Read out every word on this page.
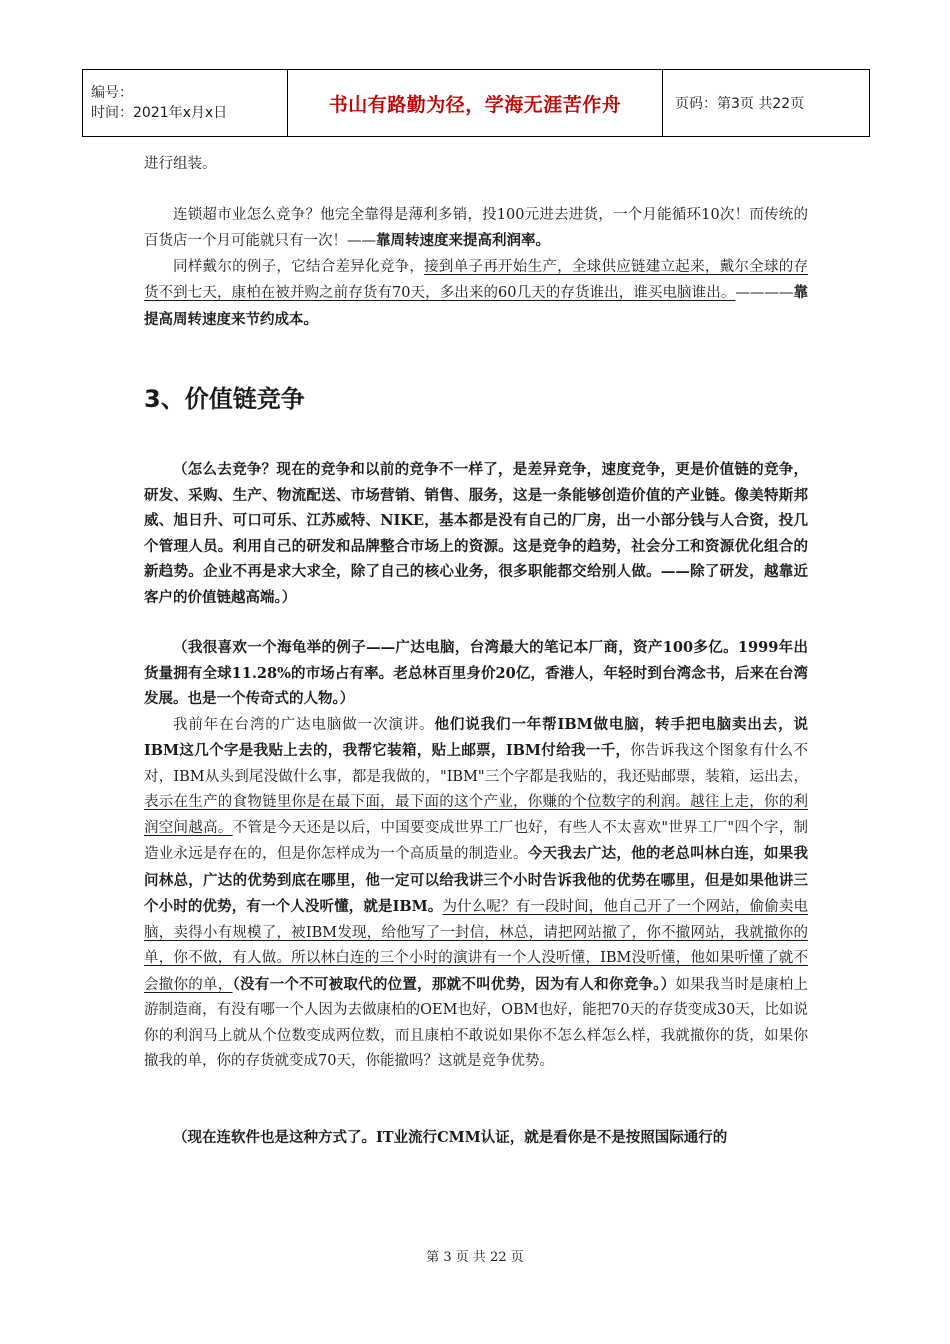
编号：
时间：2021年x月x日	书山有路勤为径，学海无涯苦作舟	页码：第3页 共22页

进行组装。

连锁超市业怎么竞争？他完全靠得是薄利多销，投100元进去进货，一个月能循环10次！而传统的百货店一个月可能就只有一次！——靠周转速度来提高利润率。

同样戴尔的例子，它结合差异化竞争，接到单子再开始生产，全球供应链建立起来，戴尔全球的存货不到七天，康柏在被并购之前存货有70天，多出来的60几天的存货谁出，谁买电脑谁出。————靠提高周转速度来节约成本。

3、价值链竞争

（怎么去竞争？现在的竞争和以前的竞争不一样了，是差异竞争，速度竞争，更是价值链的竞争，研发、采购、生产、物流配送、市场营销、销售、服务，这是一条能够创造价值的产业链。像美特斯邦威、旭日升、可口可乐、江苏威特、NIKE，基本都是没有自己的厂房，出一小部分钱与人合资，投几个管理人员。利用自己的研发和品牌整合市场上的资源。这是竞争的趋势，社会分工和资源优化组合的新趋势。企业不再是求大求全，除了自己的核心业务，很多职能都交给别人做。——除了研发，越靠近客户的价值链越高端。）

（我很喜欢一个海龟举的例子——广达电脑，台湾最大的笔记本厂商，资产100多亿。1999年出货量拥有全球11.28%的市场占有率。老总林百里身价20亿，香港人，年轻时到台湾念书，后来在台湾发展。也是一个传奇式的人物。）

我前年在台湾的广达电脑做一次演讲。他们说我们一年帮IBM做电脑，转手把电脑卖出去，说IBM这几个字是我贴上去的，我帮它装箱，贴上邮票，IBM付给我一千，你告诉我这个图象有什么不对，IBM从头到尾没做什么事，都是我做的，"IBM"三个字都是我贴的，我还贴邮票，装箱，运出去，表示在生产的食物链里你是在最下面，最下面的这个产业，你赚的个位数字的利润。越往上走，你的利润空间越高。不管是今天还是以后，中国要变成世界工厂也好，有些人不太喜欢"世界工厂"四个字，制造业永远是存在的，但是你怎样成为一个高质量的制造业。今天我去广达，他的老总叫林白连，如果我问林总，广达的优势到底在哪里，他一定可以给我讲三个小时告诉我他的优势在哪里，但是如果他讲三个小时的优势，有一个人没听懂，就是IBM。为什么呢？有一段时间，他自己开了一个网站，偷偷卖电脑，卖得小有规模了，被IBM发现，给他写了一封信，林总，请把网站撤了，你不撤网站，我就撤你的单，你不做，有人做。所以林白连的三个小时的演讲有一个人没听懂，IBM没听懂，他如果听懂了就不会撤你的单，（没有一个不可被取代的位置，那就不叫优势，因为有人和你竞争。）如果我当时是康柏上游制造商，有没有哪一个人因为去做康柏的OEM也好，OBM也好，能把70天的存货变成30天，比如说你的利润马上就从个位数变成两位数，而且康柏不敢说如果你不怎么样怎么样，我就撤你的货，如果你撤我的单，你的存货就变成70天，你能撤吗？这就是竞争优势。

（现在连软件也是这种方式了。IT业流行CMM认证，就是看你是不是按照国际通行的

第 3 页 共 22 页
